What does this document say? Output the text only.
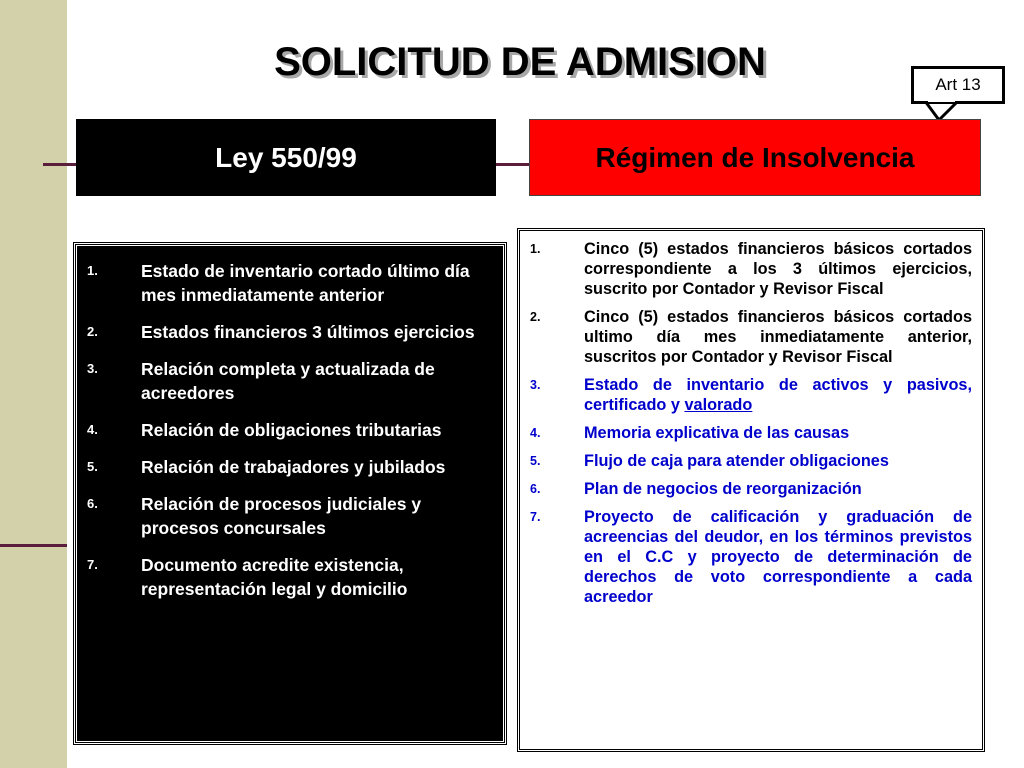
SOLICITUD DE ADMISION
Art 13
Ley 550/99	Régimen de Insolvencia
1.	Estado de inventario cortado último día mes inmediatamente anterior
2.	Estados financieros 3 últimos ejercicios
3.	Relación completa y actualizada de acreedores
4.	Relación de obligaciones tributarias
5.	Relación de trabajadores y jubilados
6.	Relación de procesos judiciales y procesos concursales
7.	Documento acredite existencia, representación legal y domicilio
1.	Cinco (5) estados financieros básicos cortados correspondiente a los 3 últimos ejercicios, suscrito por Contador y Revisor Fiscal
2.	Cinco (5) estados financieros básicos cortados ultimo día mes inmediatamente anterior, suscritos por Contador y Revisor Fiscal
3.	Estado de inventario de activos y pasivos, certificado y valorado
4.	Memoria explicativa de las causas
5.	Flujo de caja para atender obligaciones
6.	Plan de negocios de reorganización
7.	Proyecto de calificación y graduación de acreencias del deudor, en los términos previstos en el C.C y proyecto de determinación de derechos de voto correspondiente a cada acreedor
